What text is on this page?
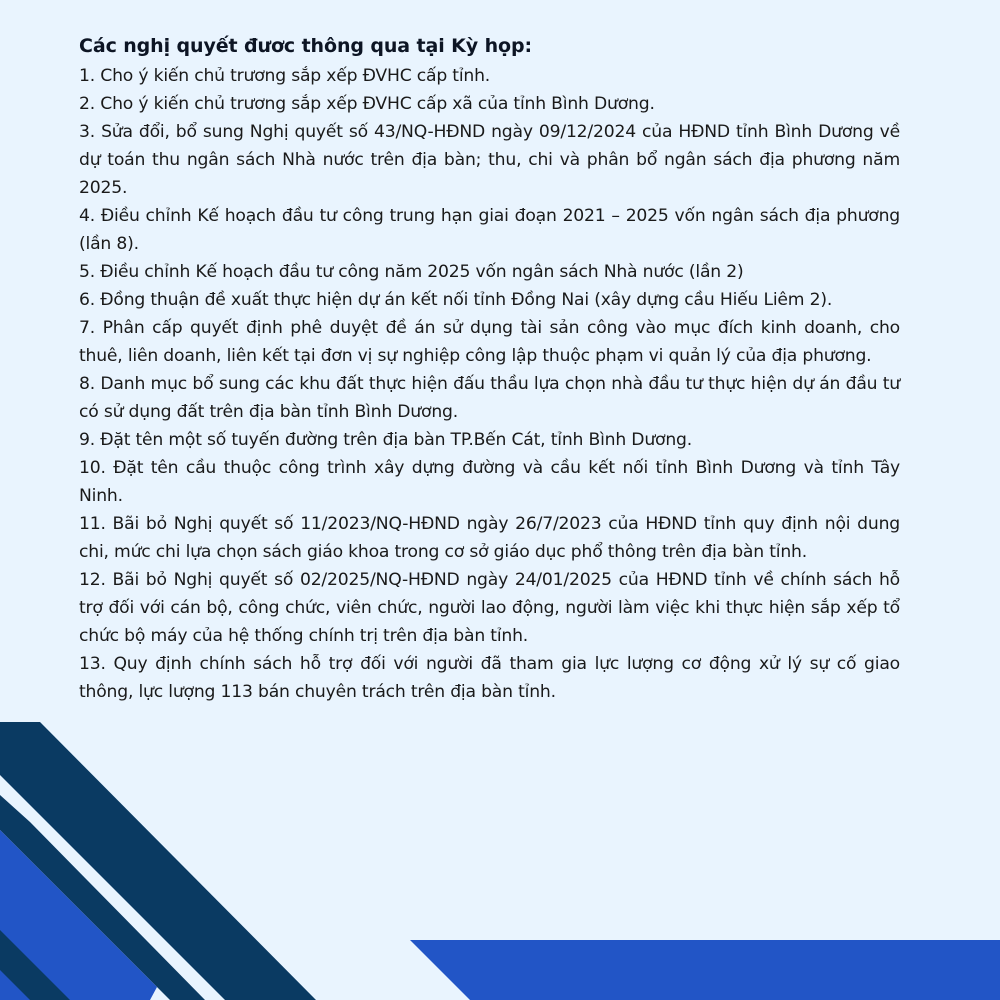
Các nghị quyết đươc thông qua tại Kỳ họp:
1. Cho ý kiến chủ trương sắp xếp ĐVHC cấp tỉnh.
2. Cho ý kiến chủ trương sắp xếp ĐVHC cấp xã của tỉnh Bình Dương.
3. Sửa đổi, bổ sung Nghị quyết số 43/NQ-HĐND ngày 09/12/2024 của HĐND tỉnh Bình Dương về dự toán thu ngân sách Nhà nước trên địa bàn; thu, chi và phân bổ ngân sách địa phương năm 2025.
4. Điều chỉnh Kế hoạch đầu tư công trung hạn giai đoạn 2021 – 2025 vốn ngân sách địa phương (lần 8).
5. Điều chỉnh Kế hoạch đầu tư công năm 2025 vốn ngân sách Nhà nước (lần 2)
6. Đồng thuận đề xuất thực hiện dự án kết nối tỉnh Đồng Nai (xây dựng cầu Hiếu Liêm 2).
7. Phân cấp quyết định phê duyệt đề án sử dụng tài sản công vào mục đích kinh doanh, cho thuê, liên doanh, liên kết tại đơn vị sự nghiệp công lập thuộc phạm vi quản lý của địa phương.
8. Danh mục bổ sung các khu đất thực hiện đấu thầu lựa chọn nhà đầu tư thực hiện dự án đầu tư có sử dụng đất trên địa bàn tỉnh Bình Dương.
9. Đặt tên một số tuyến đường trên địa bàn TP.Bến Cát, tỉnh Bình Dương.
10. Đặt tên cầu thuộc công trình xây dựng đường và cầu kết nối tỉnh Bình Dương và tỉnh Tây Ninh.
11. Bãi bỏ Nghị quyết số 11/2023/NQ-HĐND ngày 26/7/2023 của HĐND tỉnh quy định nội dung chi, mức chi lựa chọn sách giáo khoa trong cơ sở giáo dục phổ thông trên địa bàn tỉnh.
12. Bãi bỏ Nghị quyết số 02/2025/NQ-HĐND ngày 24/01/2025 của HĐND tỉnh về chính sách hỗ trợ đối với cán bộ, công chức, viên chức, người lao động, người làm việc khi thực hiện sắp xếp tổ chức bộ máy của hệ thống chính trị trên địa bàn tỉnh.
13. Quy định chính sách hỗ trợ đối với người đã tham gia lực lượng cơ động xử lý sự cố giao thông, lực lượng 113 bán chuyên trách trên địa bàn tỉnh.
